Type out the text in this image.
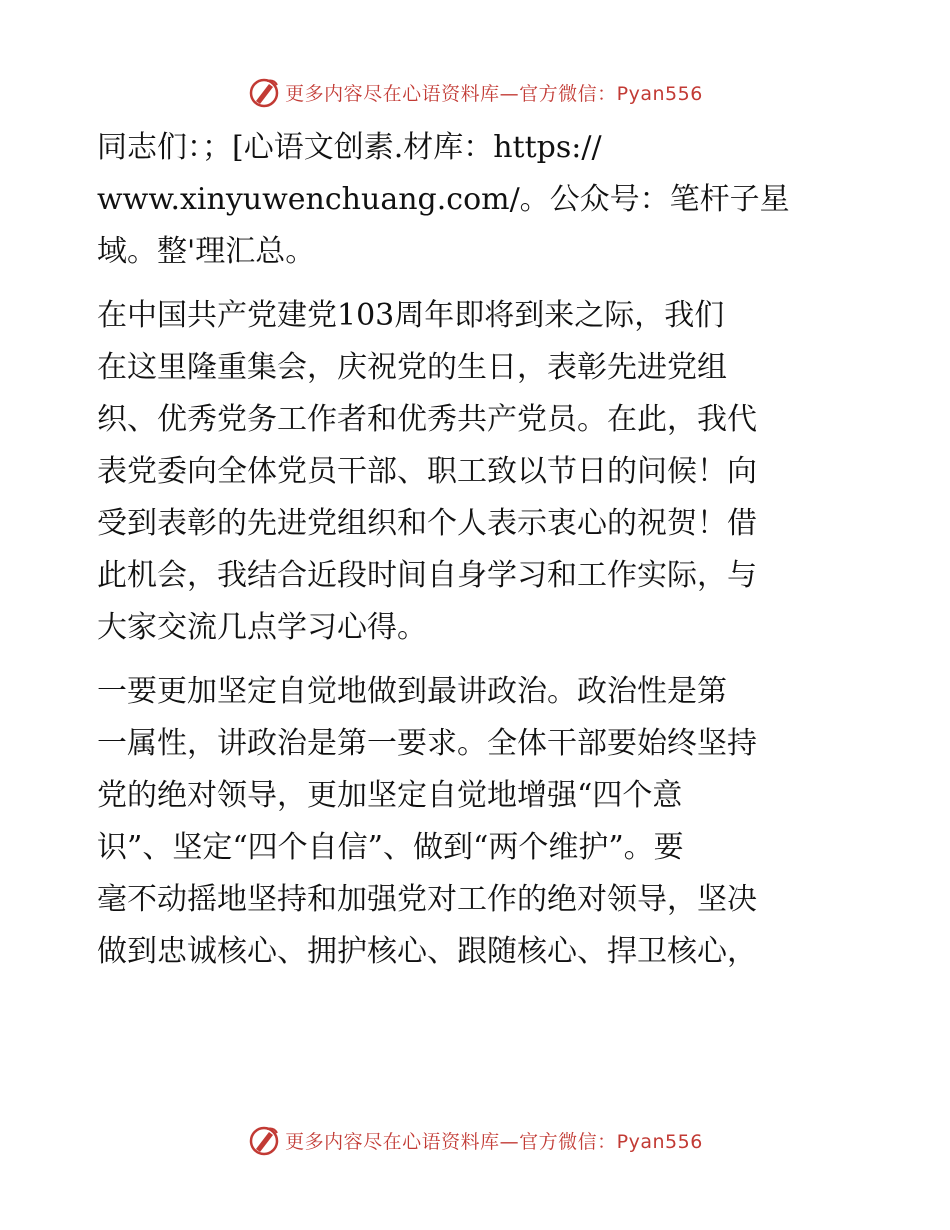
更多内容尽在心语资料库—官方微信：Pyan556

同志们：；[心语文创素.材库：https://
www.xinyuwenchuang.com/。公众号：笔杆子星
域。整'理汇总。

在中国共产党建党103周年即将到来之际，我们
在这里隆重集会，庆祝党的生日，表彰先进党组
织、优秀党务工作者和优秀共产党员。在此，我代
表党委向全体党员干部、职工致以节日的问候！向
受到表彰的先进党组织和个人表示衷心的祝贺！借
此机会，我结合近段时间自身学习和工作实际，与
大家交流几点学习心得。

一要更加坚定自觉地做到最讲政治。政治性是第
一属性，讲政治是第一要求。全体干部要始终坚持
党的绝对领导，更加坚定自觉地增强“四个意
识”、坚定“四个自信”、做到“两个维护”。要
毫不动摇地坚持和加强党对工作的绝对领导，坚决
做到忠诚核心、拥护核心、跟随核心、捍卫核心，

更多内容尽在心语资料库—官方微信：Pyan556
